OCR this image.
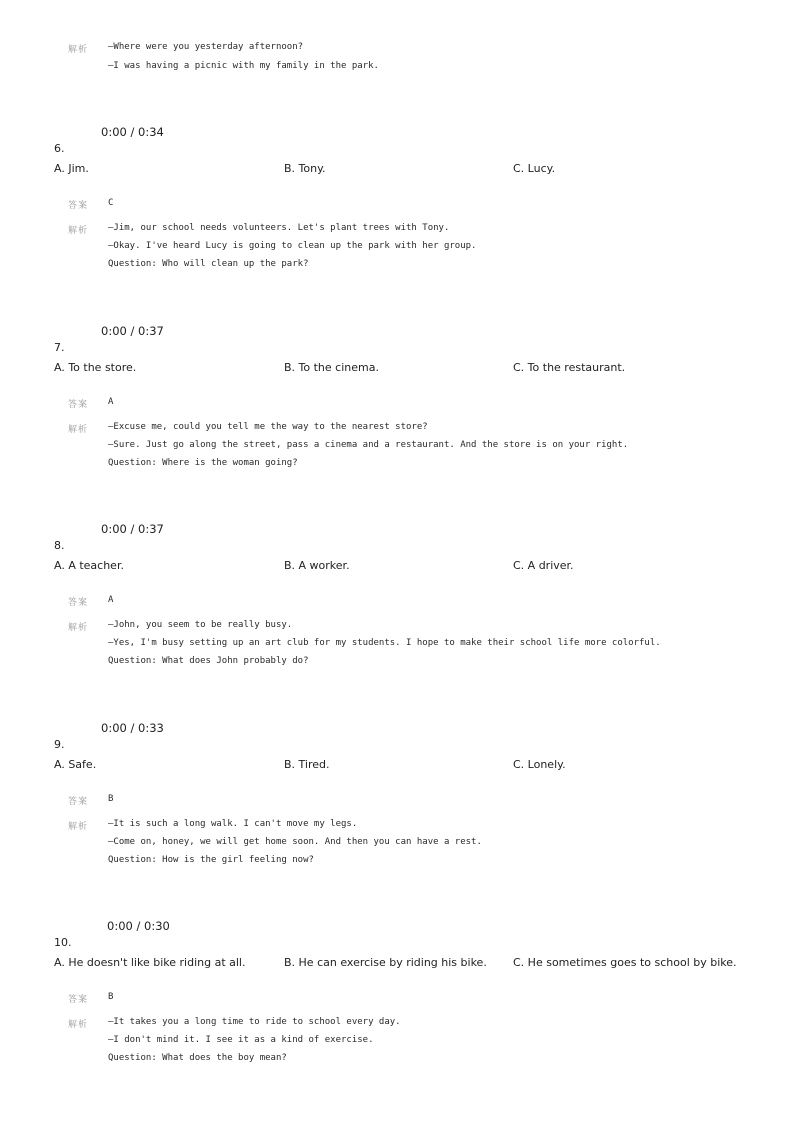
解析 —Where were you yesterday afternoon?
—I was having a picnic with my family in the park.
0:00 / 0:34
6.
A. Jim.	B. Tony.	C. Lucy.
答案 C
解析 —Jim, our school needs volunteers. Let's plant trees with Tony.
—Okay. I've heard Lucy is going to clean up the park with her group.
Question: Who will clean up the park?
0:00 / 0:37
7.
A. To the store.	B. To the cinema.	C. To the restaurant.
答案 A
解析 —Excuse me, could you tell me the way to the nearest store?
—Sure. Just go along the street, pass a cinema and a restaurant. And the store is on your right.
Question: Where is the woman going?
0:00 / 0:37
8.
A. A teacher.	B. A worker.	C. A driver.
答案 A
解析 —John, you seem to be really busy.
—Yes, I'm busy setting up an art club for my students. I hope to make their school life more colorful.
Question: What does John probably do?
0:00 / 0:33
9.
A. Safe.	B. Tired.	C. Lonely.
答案 B
解析 —It is such a long walk. I can't move my legs.
—Come on, honey, we will get home soon. And then you can have a rest.
Question: How is the girl feeling now?
0:00 / 0:30
10.
A. He doesn't like bike riding at all.	B. He can exercise by riding his bike. C. He sometimes goes to school by bike.
答案 B
解析 —It takes you a long time to ride to school every day.
—I don't mind it. I see it as a kind of exercise.
Question: What does the boy mean?
